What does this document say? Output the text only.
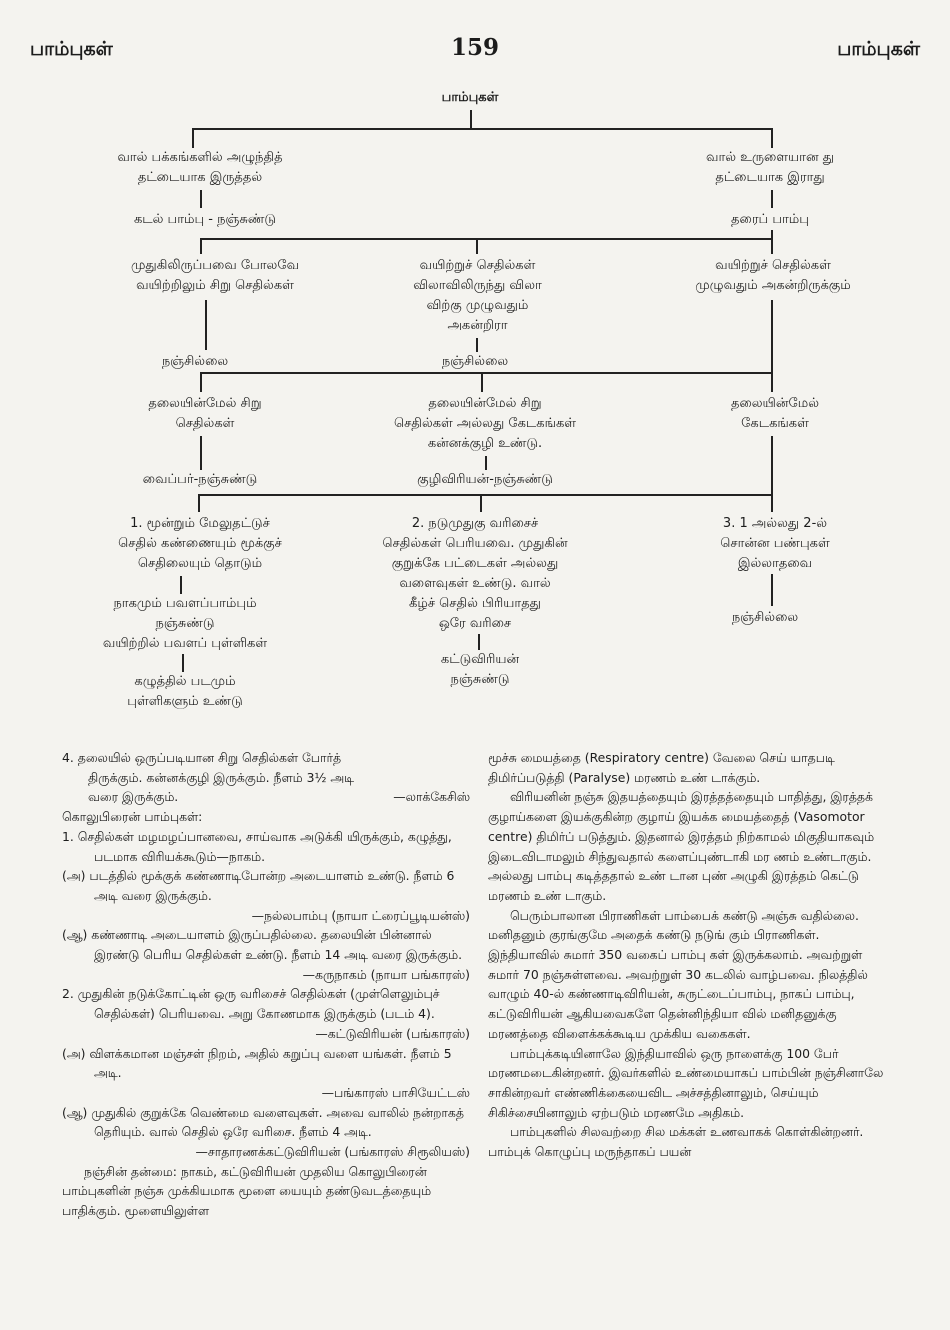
பாம்புகள்	159	பாம்புகள்
பாம்புகள்
வால் பக்கங்களில் அழுந்தித்
தட்டையாக இருத்தல்
வால் உருளையான து
தட்டையாக இராது
கடல் பாம்பு - நஞ்சுண்டு	தரைப் பாம்பு
முதுகிலிருப்பவை போலவே
வயிற்றிலும் சிறு செதில்கள்
வயிற்றுச் செதில்கள்
விலாவிலிருந்து விலா
விற்கு முழுவதும்
அகன்றிரா
வயிற்றுச் செதில்கள்
முழுவதும் அகன்றிருக்கும்
நஞ்சில்லை	நஞ்சில்லை
தலையின்மேல் சிறு
செதில்கள்
தலையின்மேல் சிறு
செதில்கள் அல்லது கேடகங்கள்
கன்னக்குழி உண்டு.
தலையின்மேல்
கேடகங்கள்
வைப்பர்-நஞ்சுண்டு	குழிவிரியன்-நஞ்சுண்டு
1. மூன்றும் மேலுதட்டுச்
செதில் கண்ணையும் மூக்குச்
செதிலையும் தொடும்
2. நடுமுதுகு வரிசைச்
செதில்கள் பெரியவை. முதுகின்
குறுக்கே பட்டைகள் அல்லது
வளைவுகள் உண்டு. வால்
கீழ்ச் செதில் பிரியாதது
ஒரே வரிசை
3. 1 அல்லது 2-ல்
சொன்ன பண்புகள்
இல்லாதவை
நாகமும் பவளப்பாம்பும்
நஞ்சுண்டு
வயிற்றில் பவளப் புள்ளிகள்
கழுத்தில் படமும்
புள்ளிகளும் உண்டு
கட்டுவிரியன்
நஞ்சுண்டு
நஞ்சில்லை

4. தலையில் ஒருப்படியான சிறு செதில்கள் போர்த்

திருக்கும். கன்னக்குழி இருக்கும். நீளம் 3½ அடி

வரை இருக்கும்.	—லாக்கேசிஸ்

கொலுபிரைன் பாம்புகள்:

1. செதில்கள் மழமழப்பானவை, சாய்வாக அடுக்கி யிருக்கும், கழுத்து, படமாக விரியக்கூடும்—நாகம்.

(அ) படத்தில் மூக்குக் கண்ணாடிபோன்ற அடையாளம் உண்டு. நீளம் 6 அடி வரை இருக்கும்.

—நல்லபாம்பு (நாயா ட்ரைப்பூடியன்ஸ்)

(ஆ) கண்ணாடி அடையாளம் இருப்பதில்லை. தலையின் பின்னால் இரண்டு பெரிய செதில்கள் உண்டு. நீளம் 14 அடி வரை இருக்கும்.

—கருநாகம் (நாயா பங்காரஸ்)

2. முதுகின் நடுக்கோட்டின் ஒரு வரிசைச் செதில்கள் (முள்ளெலும்புச் செதில்கள்) பெரியவை. அறு கோணமாக இருக்கும் (படம் 4).

—கட்டுவிரியன் (பங்காரஸ்)

(அ) விளக்கமான மஞ்சள் நிறம், அதில் கறுப்பு வளை யங்கள். நீளம் 5 அடி.

—பங்காரஸ் பாசியேட்டஸ்

(ஆ) முதுகில் குறுக்கே வெண்மை வளைவுகள். அவை வாலில் நன்றாகத் தெரியும். வால் செதில் ஒரே வரிசை. நீளம் 4 அடி.

—சாதாரணக்கட்டுவிரியன் (பங்காரஸ் சிரூலியஸ்)

நஞ்சின் தன்மை: நாகம், கட்டுவிரியன் முதலிய கொலுபிரைன் பாம்புகளின் நஞ்சு முக்கியமாக மூளை யையும் தண்டுவடத்தையும் பாதிக்கும். மூளையிலுள்ள

மூச்சு மையத்தை (Respiratory centre) வேலை செய் யாதபடி திமிர்ப்படுத்தி (Paralyse) மரணம் உண் டாக்கும்.

விரியனின் நஞ்சு இதயத்தையும் இரத்தத்தையும் பாதித்து, இரத்தக் குழாய்களை இயக்குகின்ற குழாய் இயக்க மையத்தைத் (Vasomotor centre) திமிர்ப் படுத்தும். இதனால் இரத்தம் நிற்காமல் மிகுதியாகவும் இடைவிடாமலும் சிந்துவதால் களைப்புண்டாகி மர ணம் உண்டாகும். அல்லது பாம்பு கடித்ததால் உண் டான புண் அழுகி இரத்தம் கெட்டு மரணம் உண் டாகும்.

பெரும்பாலான பிராணிகள் பாம்பைக் கண்டு அஞ்சு வதில்லை. மனிதனும் குரங்குமே அதைக் கண்டு நடுங் கும் பிராணிகள். இந்தியாவில் சுமார் 350 வகைப் பாம்பு கள் இருக்கலாம். அவற்றுள் சுமார் 70 நஞ்சுள்ளவை. அவற்றுள் 30 கடலில் வாழ்பவை. நிலத்தில் வாழும் 40-ல் கண்ணாடிவிரியன், சுருட்டைப்பாம்பு, நாகப் பாம்பு, கட்டுவிரியன் ஆகியவைகளே தென்னிந்தியா வில் மனிதனுக்கு மரணத்தை விளைக்கக்கூடிய முக்கிய வகைகள்.

பாம்புக்கடியினாலே இந்தியாவில் ஒரு நாளைக்கு 100 பேர் மரணமடைகின்றனர். இவர்களில் உண்மையாகப் பாம்பின் நஞ்சினாலே சாகின்றவர் எண்ணிக்கையைவிட அச்சத்தினாலும், செய்யும் சிகிச்சையினாலும் ஏற்படும் மரணமே அதிகம்.

பாம்புகளில் சிலவற்றை சில மக்கள் உணவாகக் கொள்கின்றனர். பாம்புக் கொழுப்பு மருந்தாகப் பயன்
